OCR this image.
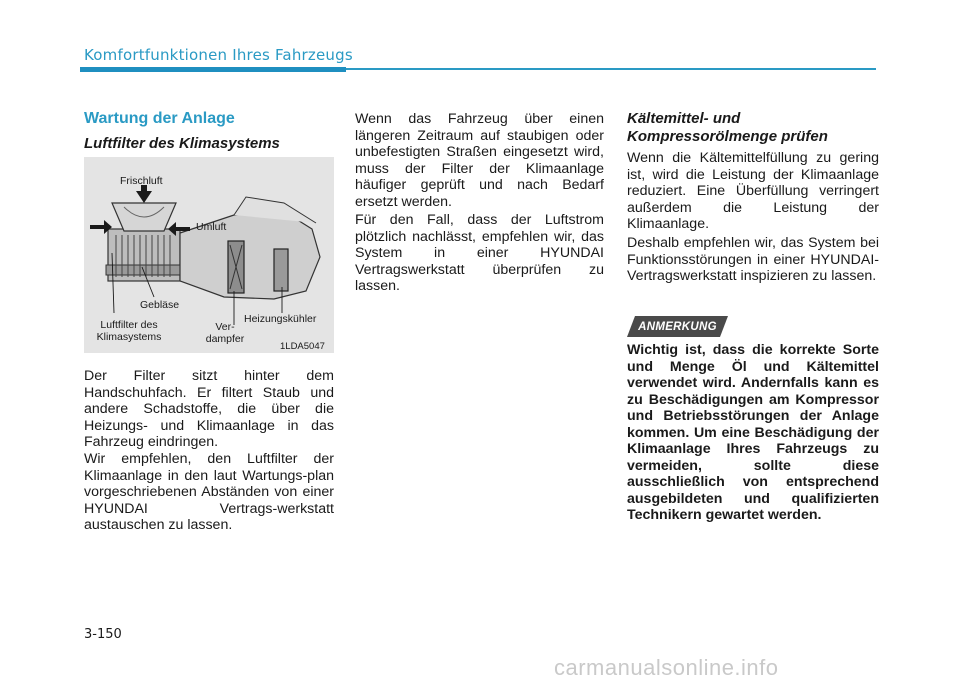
Komfortfunktionen Ihres Fahrzeugs
Wartung der Anlage
Luftfilter des Klimasystems
Frischluft
Umluft
Gebläse
Luftfilter des
Klimasystems
Ver-
dampfer
Heizungskühler
1LDA5047

Der Filter sitzt hinter dem Handschuhfach. Er filtert Staub und andere Schadstoffe, die über die Heizungs- und Klimaanlage in das Fahrzeug eindringen.

Wir empfehlen, den Luftfilter der Klimaanlage in den laut Wartungs-plan vorgeschriebenen Abständen von einer HYUNDAI Vertrags-werkstatt austauschen zu lassen.

Wenn das Fahrzeug über einen längeren Zeitraum auf staubigen oder unbefestigten Straßen eingesetzt wird, muss der Filter der Klimaanlage häufiger geprüft und nach Bedarf ersetzt werden.

Für den Fall, dass der Luftstrom plötzlich nachlässt, empfehlen wir, das System in einer HYUNDAI Vertragswerkstatt überprüfen zu lassen.

Kältemittel- und Kompressorölmenge prüfen

Wenn die Kältemittelfüllung zu gering ist, wird die Leistung der Klimaanlage reduziert. Eine Überfüllung verringert außerdem die Leistung der Klimaanlage.

Deshalb empfehlen wir, das System bei Funktionsstörungen in einer HYUNDAI-Vertragswerkstatt inspizieren zu lassen.

ANMERKUNG

Wichtig ist, dass die korrekte Sorte und Menge Öl und Kältemittel verwendet wird. Andernfalls kann es zu Beschädigungen am Kompressor und Betriebsstörungen der Anlage kommen. Um eine Beschädigung der Klimaanlage Ihres Fahrzeugs zu vermeiden, sollte diese ausschließlich von entsprechend ausgebildeten und qualifizierten Technikern gewartet werden.

3-150
carmanualsonline.info
